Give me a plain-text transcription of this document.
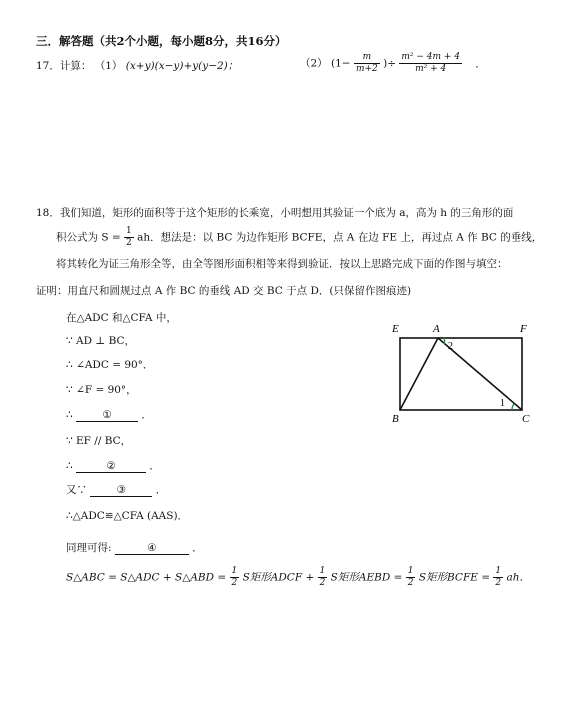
三．解答题（共2个小题，每小题8分，共16分）
17．计算： （1） (x+y)(x−y)+y(y−2)；	（2） ($1- \frac{m}{m+2}$ )÷ $\frac{\text{m² − 4m + 4}}{\text{m² + 4}}$ ．
18．我们知道，矩形的面积等于这个矩形的长乘宽，小明想用其验证一个底为 a，高为 h 的三角形的面
积公式为 $S = \frac{1}{2}$ ah．想法是：以 BC 为边作矩形 BCFE，点 A 在边 FE 上，再过点 A 作 BC 的垂线，
将其转化为证三角形全等，由全等图形面积相等来得到验证．按以上思路完成下面的作图与填空：
证明：用直尺和圆规过点 A 作 BC 的垂线 AD 交 BC 于点 D．(只保留作图痕迹)
在△ADC 和△CFA 中，
∵ AD ⊥ BC，
∴ ∠ADC = 90°．
∵ ∠F = 90°，
∴	①	．
∵ EF // BC，
∴	②	．
又∵	③	．
∴△ADC≌△CFA (AAS)．
同理可得:	④	．
S△ABC = S△ADC + S△ABD = $\frac{1}{2}$ S矩形ADCF + $\frac{1}{2}$ S矩形AEBD = $\frac{1}{2}$ S矩形BCFE = $\frac{1}{2}$ ah．
E	A	F
B	C
2
1
